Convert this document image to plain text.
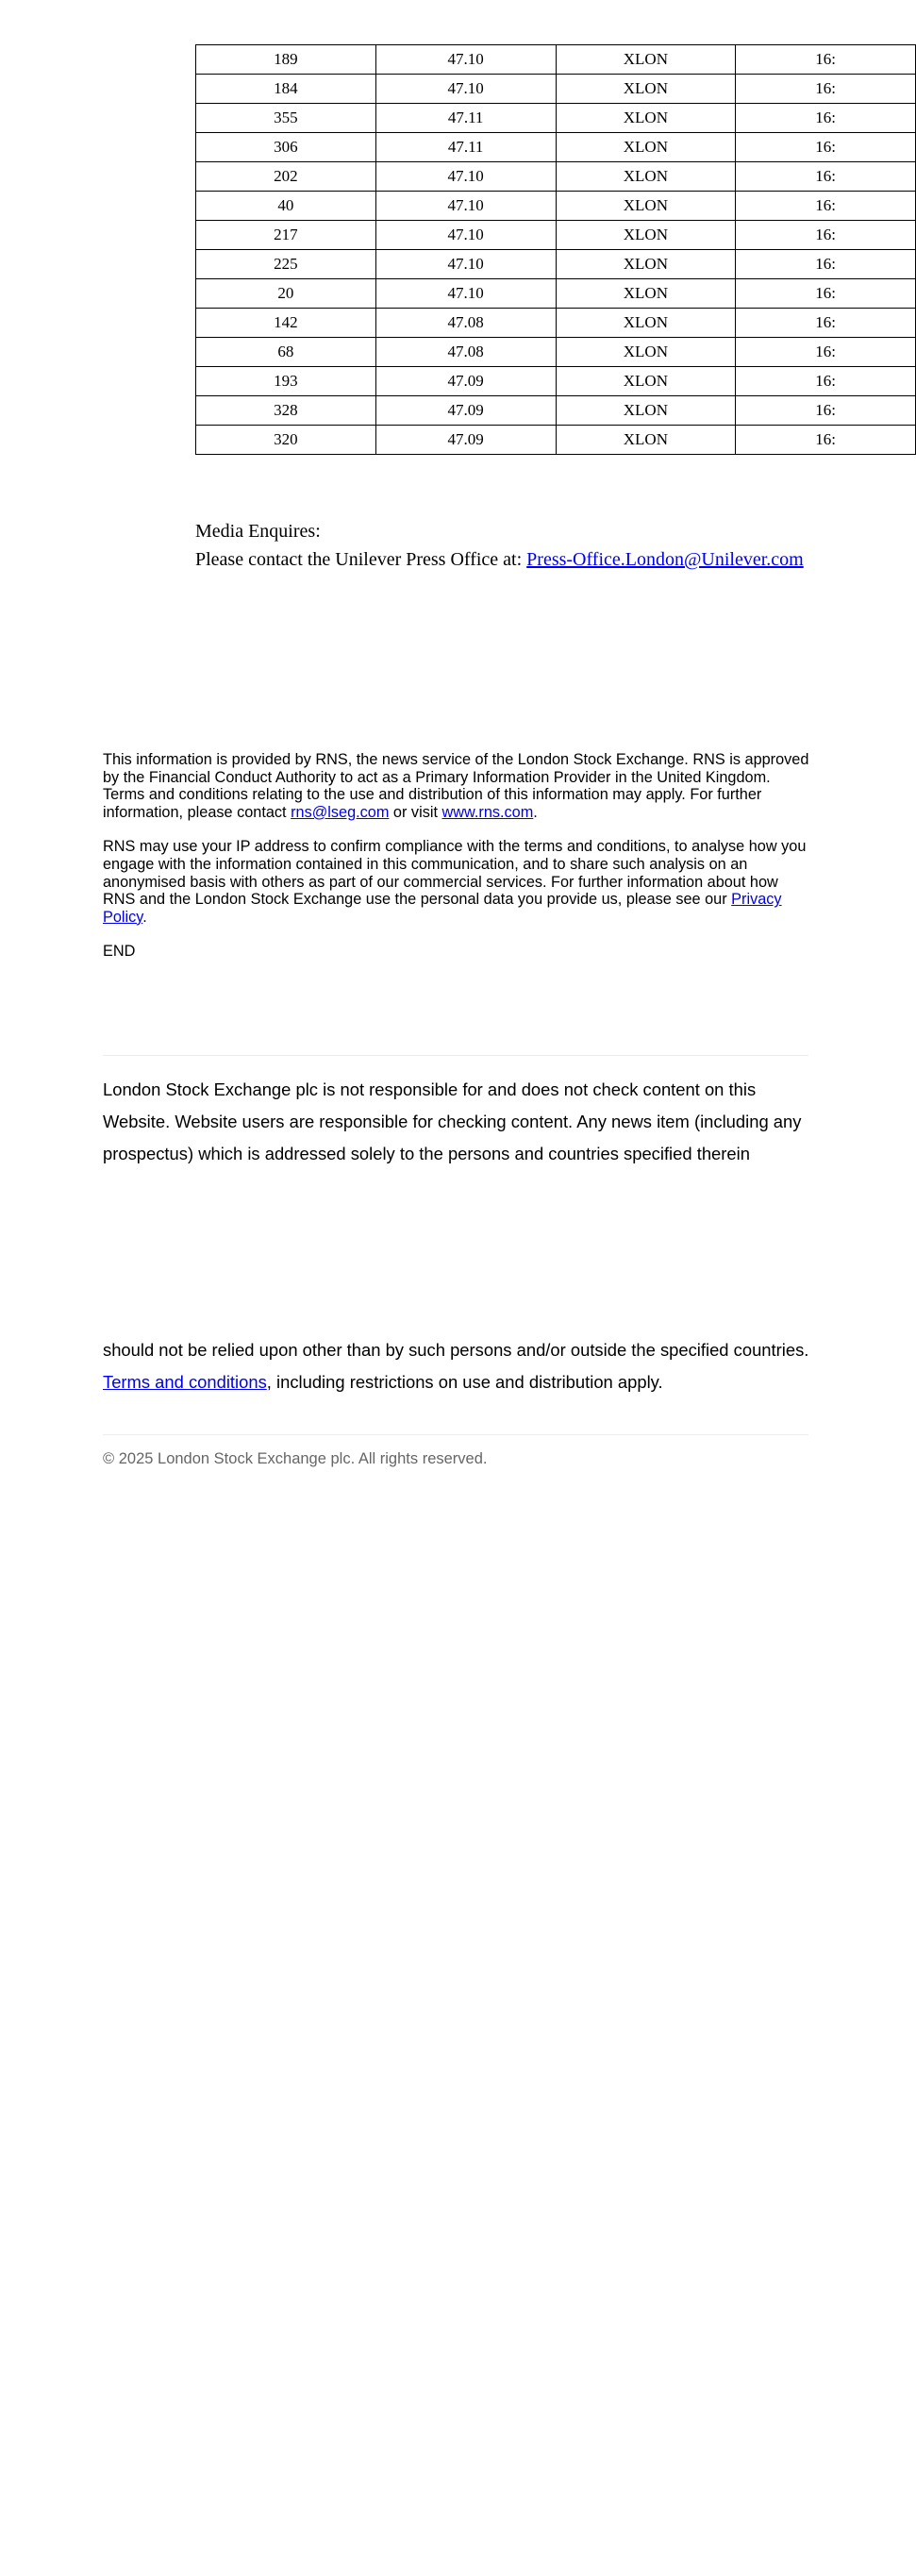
189	47.10	XLON	16:
184	47.10	XLON	16:
355	47.11	XLON	16:
306	47.11	XLON	16:
202	47.10	XLON	16:
40	47.10	XLON	16:
217	47.10	XLON	16:
225	47.10	XLON	16:
20	47.10	XLON	16:
142	47.08	XLON	16:
68	47.08	XLON	16:
193	47.09	XLON	16:
328	47.09	XLON	16:
320	47.09	XLON	16:

Media Enquires:

Please contact the Unilever Press Office at: Press-Office.London@Unilever.com

This information is provided by RNS, the news service of the London Stock Exchange. RNS is approved by the Financial Conduct Authority to act as a Primary Information Provider in the United Kingdom. Terms and conditions relating to the use and distribution of this information may apply. For further information, please contact rns@lseg.com or visit www.rns.com.

RNS may use your IP address to confirm compliance with the terms and conditions, to analyse how you engage with the information contained in this communication, and to share such analysis on an anonymised basis with others as part of our commercial services. For further information about how RNS and the London Stock Exchange use the personal data you provide us, please see our Privacy Policy.

END

London Stock Exchange plc is not responsible for and does not check content on this Website. Website users are responsible for checking content. Any news item (including any prospectus) which is addressed solely to the persons and countries specified therein

should not be relied upon other than by such persons and/or outside the specified countries. Terms and conditions, including restrictions on use and distribution apply.

© 2025 London Stock Exchange plc. All rights reserved.
